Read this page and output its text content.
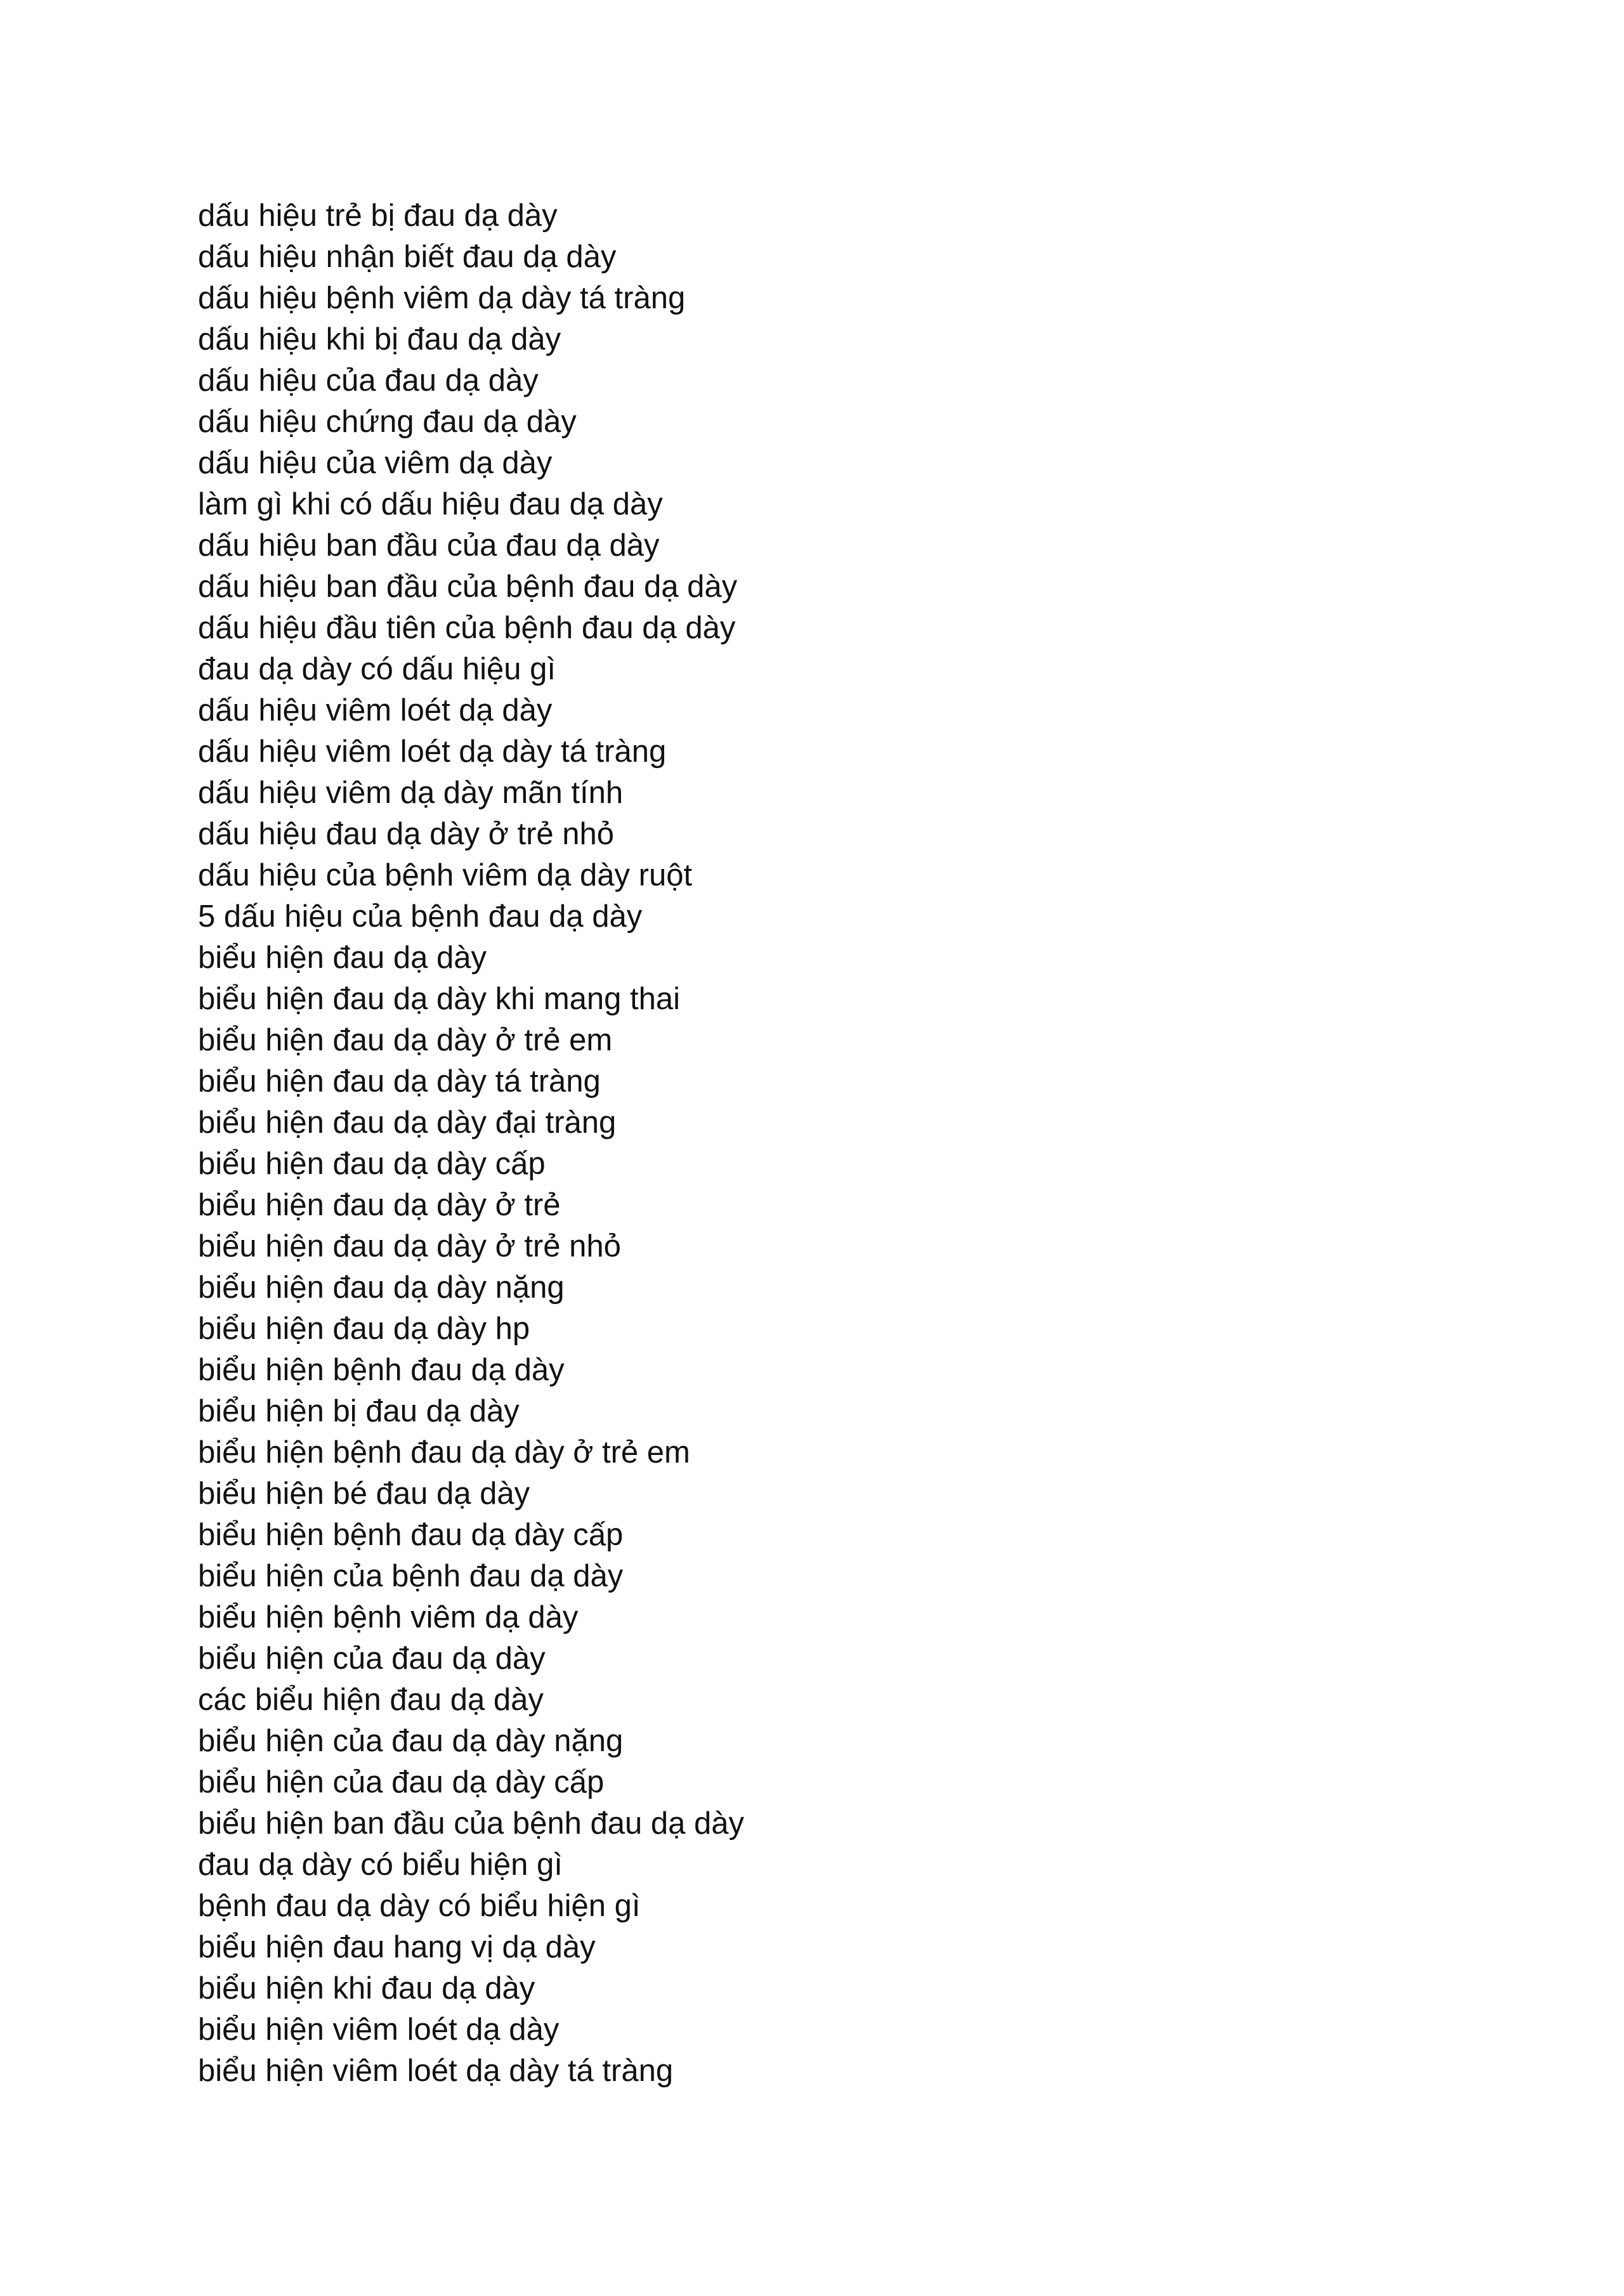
dấu hiệu trẻ bị đau dạ dày
dấu hiệu nhận biết đau dạ dày
dấu hiệu bệnh viêm dạ dày tá tràng
dấu hiệu khi bị đau dạ dày
dấu hiệu của đau dạ dày
dấu hiệu chứng đau dạ dày
dấu hiệu của viêm dạ dày
làm gì khi có dấu hiệu đau dạ dày
dấu hiệu ban đầu của đau dạ dày
dấu hiệu ban đầu của bệnh đau dạ dày
dấu hiệu đầu tiên của bệnh đau dạ dày
đau dạ dày có dấu hiệu gì
dấu hiệu viêm loét dạ dày
dấu hiệu viêm loét dạ dày tá tràng
dấu hiệu viêm dạ dày mãn tính
dấu hiệu đau dạ dày ở trẻ nhỏ
dấu hiệu của bệnh viêm dạ dày ruột
5 dấu hiệu của bệnh đau dạ dày
biểu hiện đau dạ dày
biểu hiện đau dạ dày khi mang thai
biểu hiện đau dạ dày ở trẻ em
biểu hiện đau dạ dày tá tràng
biểu hiện đau dạ dày đại tràng
biểu hiện đau dạ dày cấp
biểu hiện đau dạ dày ở trẻ
biểu hiện đau dạ dày ở trẻ nhỏ
biểu hiện đau dạ dày nặng
biểu hiện đau dạ dày hp
biểu hiện bệnh đau dạ dày
biểu hiện bị đau dạ dày
biểu hiện bệnh đau dạ dày ở trẻ em
biểu hiện bé đau dạ dày
biểu hiện bệnh đau dạ dày cấp
biểu hiện của bệnh đau dạ dày
biểu hiện bệnh viêm dạ dày
biểu hiện của đau dạ dày
các biểu hiện đau dạ dày
biểu hiện của đau dạ dày nặng
biểu hiện của đau dạ dày cấp
biểu hiện ban đầu của bệnh đau dạ dày
đau dạ dày có biểu hiện gì
bệnh đau dạ dày có biểu hiện gì
biểu hiện đau hang vị dạ dày
biểu hiện khi đau dạ dày
biểu hiện viêm loét dạ dày
biểu hiện viêm loét dạ dày tá tràng
